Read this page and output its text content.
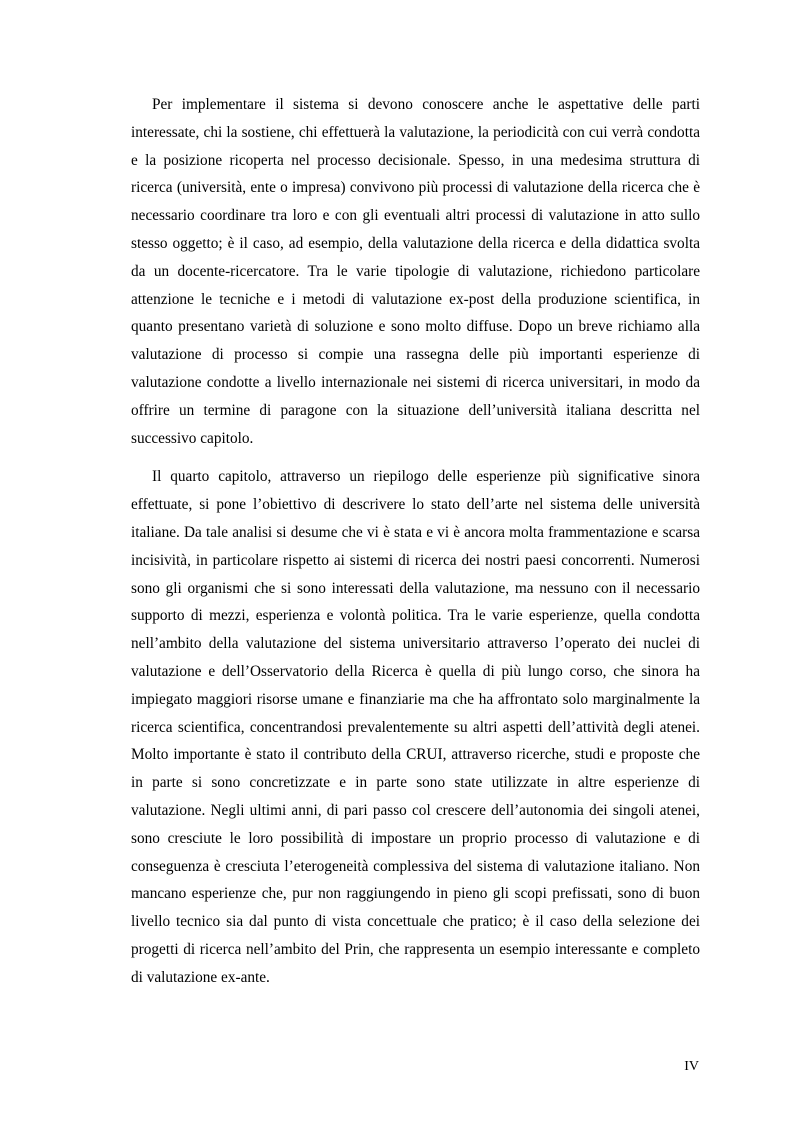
Per implementare il sistema si devono conoscere anche le aspettative delle parti interessate, chi la sostiene, chi effettuerà la valutazione, la periodicità con cui verrà condotta e la posizione ricoperta nel processo decisionale. Spesso, in una medesima struttura di ricerca (università, ente o impresa) convivono più processi di valutazione della ricerca che è necessario coordinare tra loro e con gli eventuali altri processi di valutazione in atto sullo stesso oggetto; è il caso, ad esempio, della valutazione della ricerca e della didattica svolta da un docente-ricercatore. Tra le varie tipologie di valutazione, richiedono particolare attenzione le tecniche e i metodi di valutazione ex-post della produzione scientifica, in quanto presentano varietà di soluzione e sono molto diffuse. Dopo un breve richiamo alla valutazione di processo si compie una rassegna delle più importanti esperienze di valutazione condotte a livello internazionale nei sistemi di ricerca universitari, in modo da offrire un termine di paragone con la situazione dell’università italiana descritta nel successivo capitolo.

Il quarto capitolo, attraverso un riepilogo delle esperienze più significative sinora effettuate, si pone l’obiettivo di descrivere lo stato dell’arte nel sistema delle università italiane. Da tale analisi si desume che vi è stata e vi è ancora molta frammentazione e scarsa incisività, in particolare rispetto ai sistemi di ricerca dei nostri paesi concorrenti. Numerosi sono gli organismi che si sono interessati della valutazione, ma nessuno con il necessario supporto di mezzi, esperienza e volontà politica. Tra le varie esperienze, quella condotta nell’ambito della valutazione del sistema universitario attraverso l’operato dei nuclei di valutazione e dell’Osservatorio della Ricerca è quella di più lungo corso, che sinora ha impiegato maggiori risorse umane e finanziarie ma che ha affrontato solo marginalmente la ricerca scientifica, concentrandosi prevalentemente su altri aspetti dell’attività degli atenei. Molto importante è stato il contributo della CRUI, attraverso ricerche, studi e proposte che in parte si sono concretizzate e in parte sono state utilizzate in altre esperienze di valutazione. Negli ultimi anni, di pari passo col crescere dell’autonomia dei singoli atenei, sono cresciute le loro possibilità di impostare un proprio processo di valutazione e di conseguenza è cresciuta l’eterogeneità complessiva del sistema di valutazione italiano. Non mancano esperienze che, pur non raggiungendo in pieno gli scopi prefissati, sono di buon livello tecnico sia dal punto di vista concettuale che pratico; è il caso della selezione dei progetti di ricerca nell’ambito del Prin, che rappresenta un esempio interessante e completo di valutazione ex-ante.

IV
